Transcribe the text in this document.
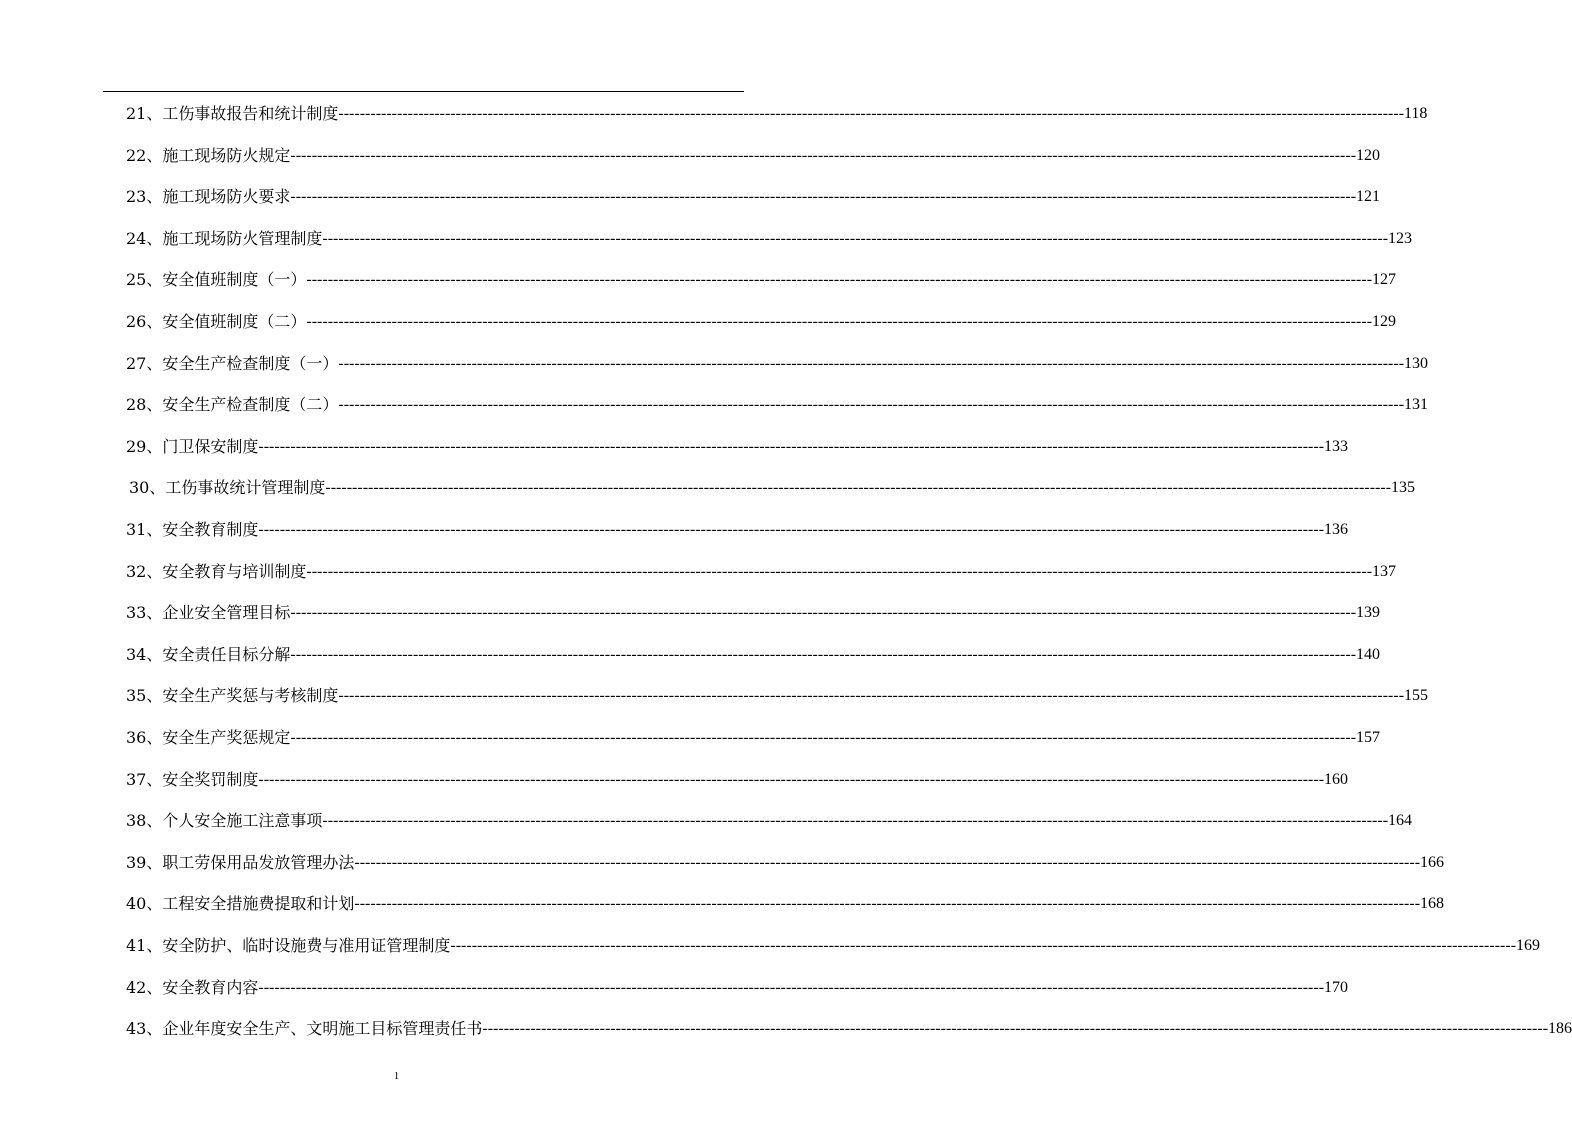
21、 工伤事故报告和统计制度 -------------------------------------------------------------------------------------------------------------------------------------------------------------------------------------------------------- 118
22、 施工现场防火规定 -------------------------------------------------------------------------------------------------------------------------------------------------------------------------------------------------------- 120
23、 施工现场防火要求 -------------------------------------------------------------------------------------------------------------------------------------------------------------------------------------------------------- 121
24、 施工现场防火管理制度 -------------------------------------------------------------------------------------------------------------------------------------------------------------------------------------------------------- 123
25、 安全值班制度（一） -------------------------------------------------------------------------------------------------------------------------------------------------------------------------------------------------------- 127
26、 安全值班制度（二） -------------------------------------------------------------------------------------------------------------------------------------------------------------------------------------------------------- 129
27、 安全生产检查制度（一） -------------------------------------------------------------------------------------------------------------------------------------------------------------------------------------------------------- 130
28、 安全生产检查制度（二） -------------------------------------------------------------------------------------------------------------------------------------------------------------------------------------------------------- 131
29、 门卫保安制度 -------------------------------------------------------------------------------------------------------------------------------------------------------------------------------------------------------- 133
30、 工伤事故统计管理制度 -------------------------------------------------------------------------------------------------------------------------------------------------------------------------------------------------------- 135
31、 安全教育制度 -------------------------------------------------------------------------------------------------------------------------------------------------------------------------------------------------------- 136
32、 安全教育与培训制度 -------------------------------------------------------------------------------------------------------------------------------------------------------------------------------------------------------- 137
33、 企业安全管理目标 -------------------------------------------------------------------------------------------------------------------------------------------------------------------------------------------------------- 139
34、 安全责任目标分解 -------------------------------------------------------------------------------------------------------------------------------------------------------------------------------------------------------- 140
35、 安全生产奖惩与考核制度 -------------------------------------------------------------------------------------------------------------------------------------------------------------------------------------------------------- 155
36、 安全生产奖惩规定 -------------------------------------------------------------------------------------------------------------------------------------------------------------------------------------------------------- 157
37、 安全奖罚制度 -------------------------------------------------------------------------------------------------------------------------------------------------------------------------------------------------------- 160
38、 个人安全施工注意事项 -------------------------------------------------------------------------------------------------------------------------------------------------------------------------------------------------------- 164
39、 职工劳保用品发放管理办法 -------------------------------------------------------------------------------------------------------------------------------------------------------------------------------------------------------- 166
40、 工程安全措施费提取和计划 -------------------------------------------------------------------------------------------------------------------------------------------------------------------------------------------------------- 168
41、 安全防护、临时设施费与准用证管理制度 -------------------------------------------------------------------------------------------------------------------------------------------------------------------------------------------------------- 169
42、 安全教育内容 -------------------------------------------------------------------------------------------------------------------------------------------------------------------------------------------------------- 170
43、 企业年度安全生产、文明施工目标管理责任书 -------------------------------------------------------------------------------------------------------------------------------------------------------------------------------------------------------- 186
1
